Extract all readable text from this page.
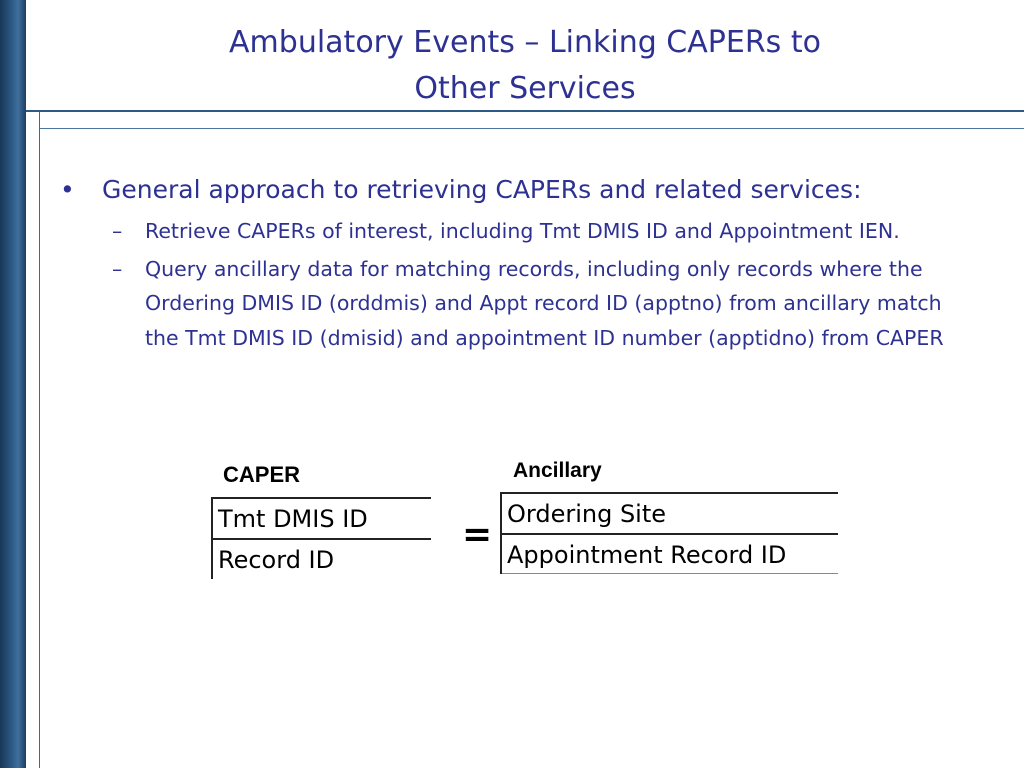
Ambulatory Events – Linking CAPERs to
Other Services
• General approach to retrieving CAPERs and related services:
– Retrieve CAPERs of interest, including Tmt DMIS ID and Appointment IEN.
– Query ancillary data for matching records, including only records where the Ordering DMIS ID (orddmis) and Appt record ID (apptno) from ancillary match the Tmt DMIS ID (dmisid) and appointment ID number (apptidno) from CAPER
CAPER	Ancillary
Tmt DMIS ID
Record ID
= Ordering Site
Appointment Record ID
